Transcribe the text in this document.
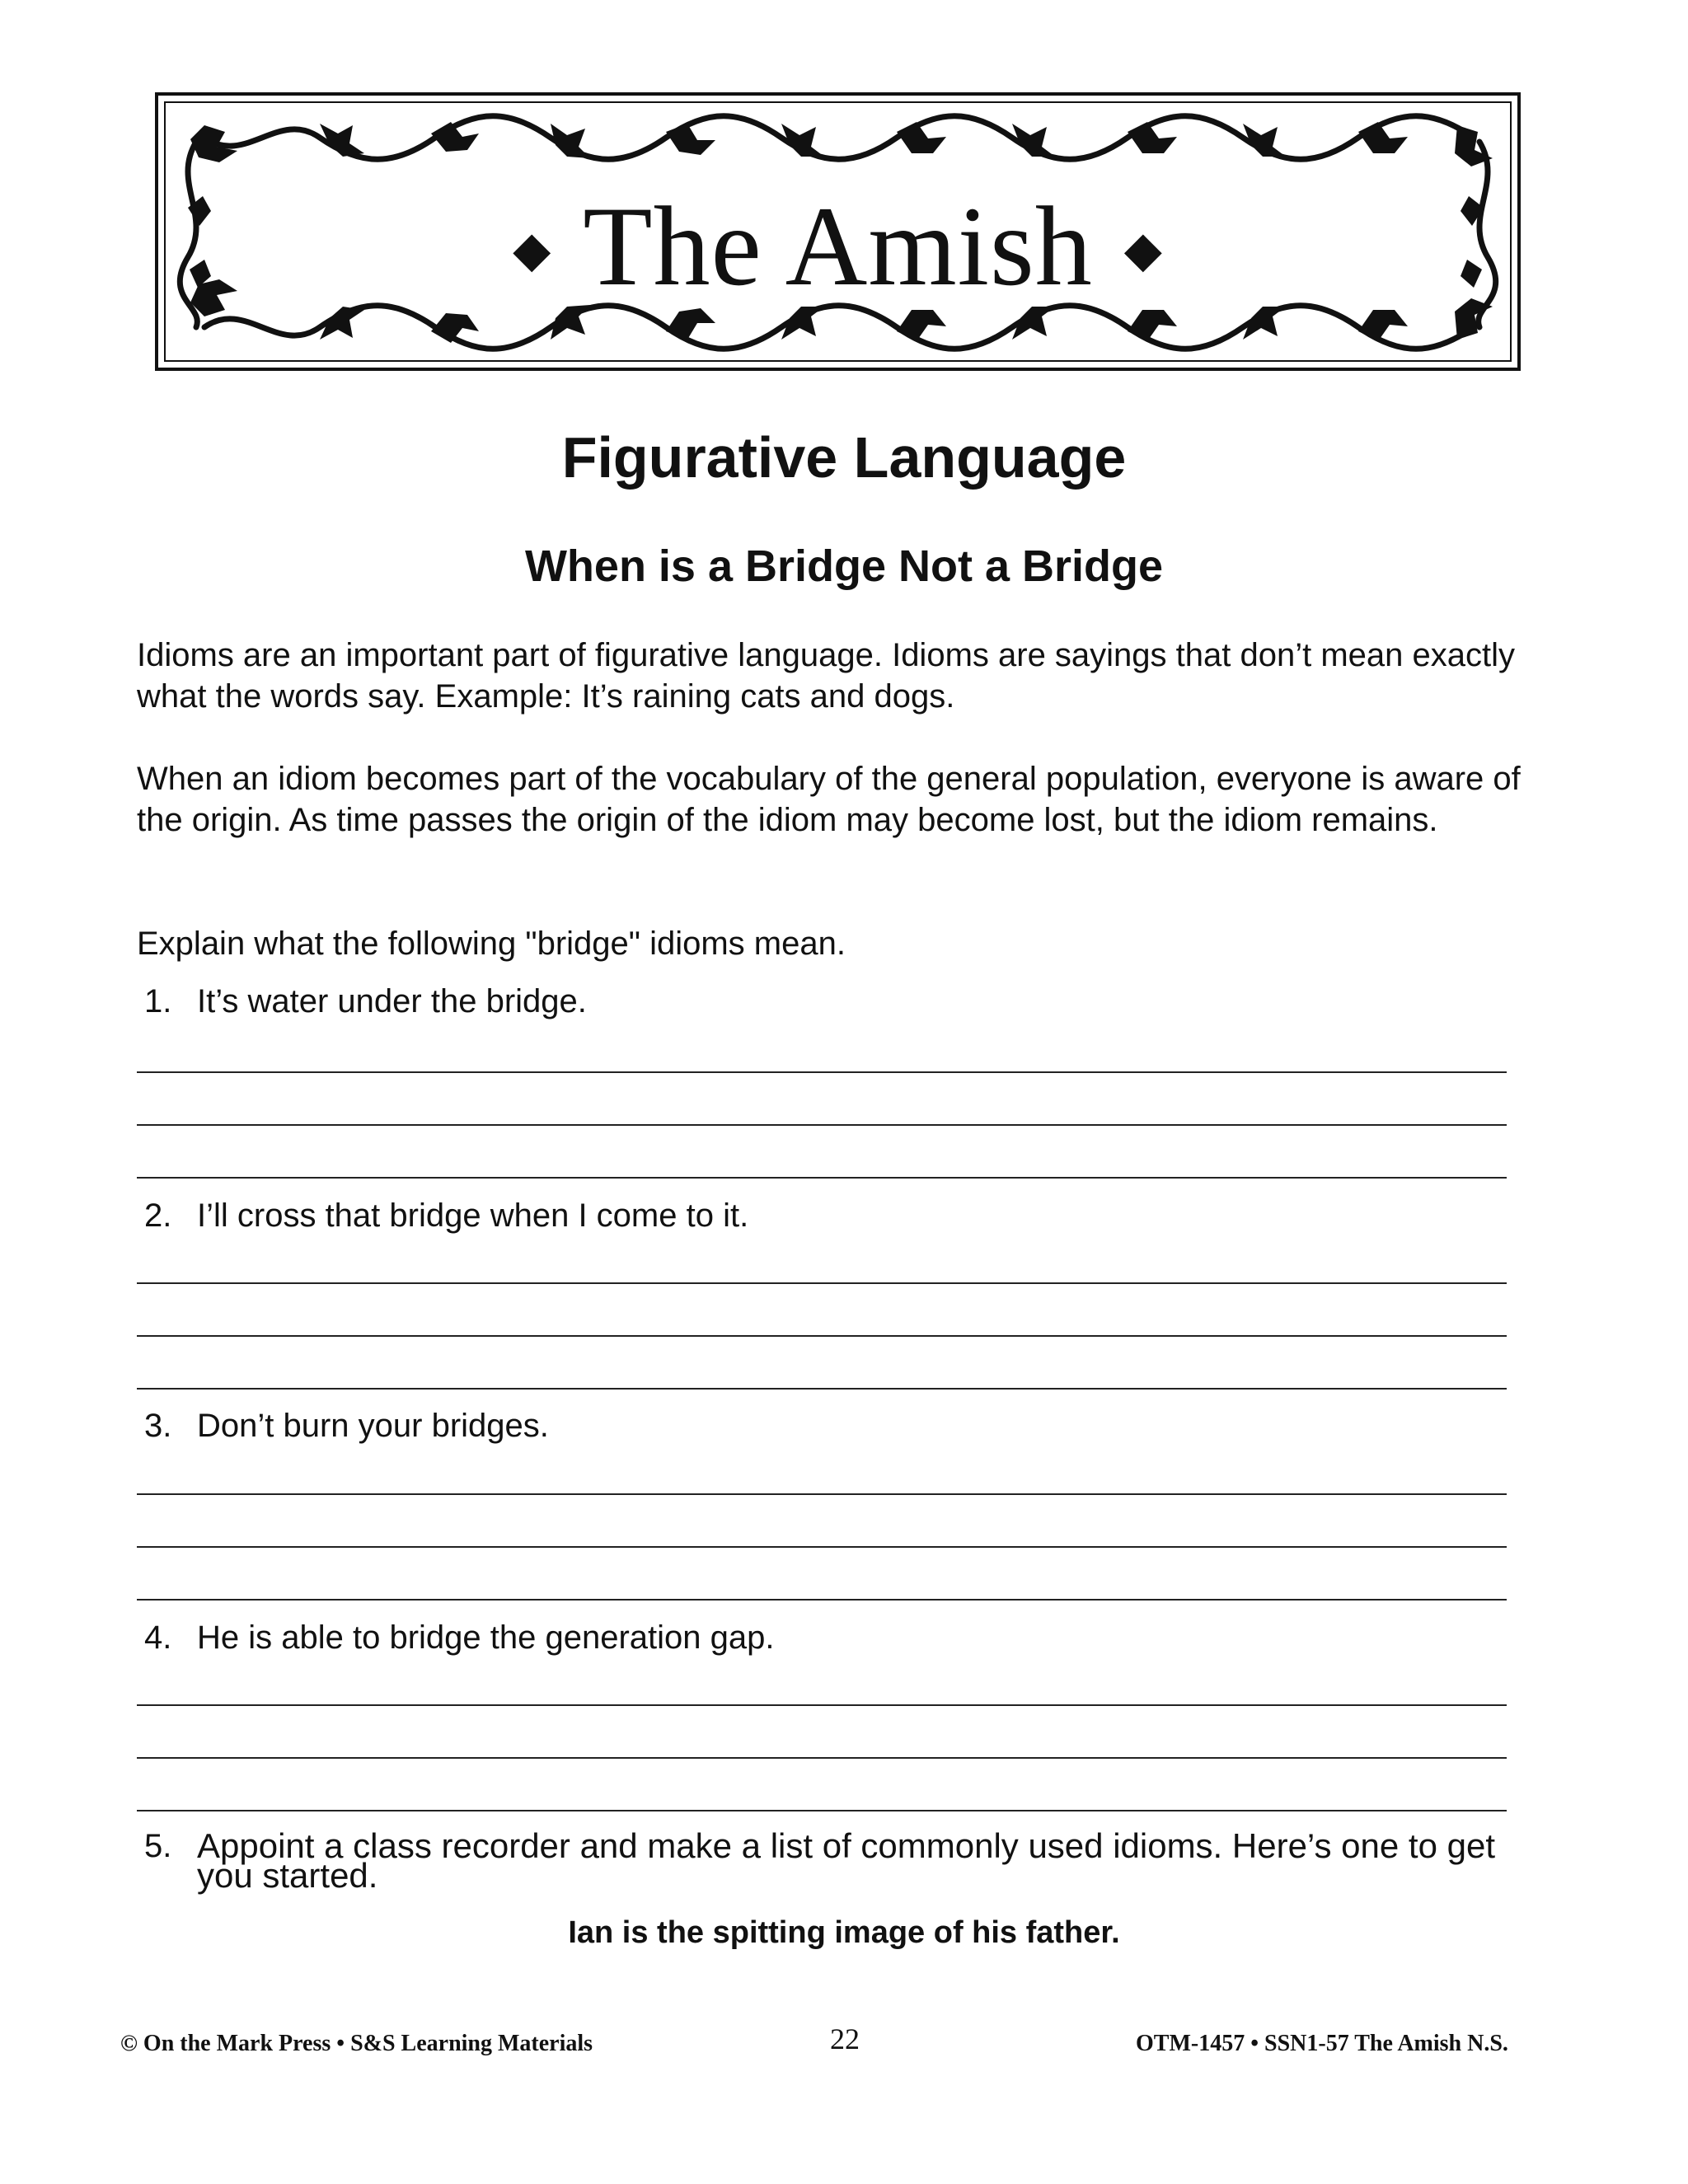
◆ The Amish ◆
Figurative Language
When is a Bridge Not a Bridge

Idioms are an important part of figurative language. Idioms are sayings that don’t mean exactly what the words say. Example: It’s raining cats and dogs.

When an idiom becomes part of the vocabulary of the general population, everyone is aware of the origin. As time passes the origin of the idiom may become lost, but the idiom remains.

Explain what the following "bridge" idioms mean.

1. It’s water under the bridge.
2. I’ll cross that bridge when I come to it.
3. Don’t burn your bridges.
4. He is able to bridge the generation gap.
5. Appoint a class recorder and make a list of commonly used idioms. Here’s one to get you started.
Ian is the spitting image of his father.
© On the Mark Press • S&S Learning Materials	22	OTM-1457 • SSN1-57 The Amish N.S.
